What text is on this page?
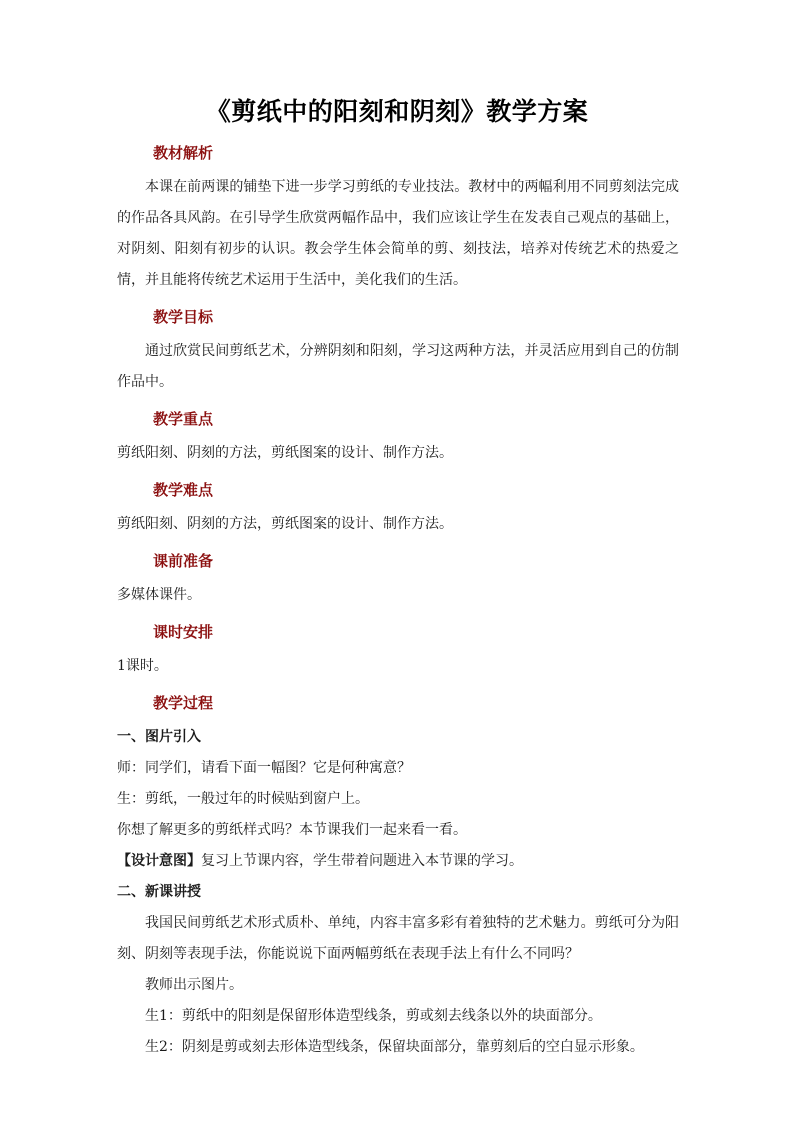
《剪纸中的阳刻和阴刻》教学方案
教材解析

本课在前两课的铺垫下进一步学习剪纸的专业技法。教材中的两幅利用不同剪刻法完成的作品各具风韵。在引导学生欣赏两幅作品中，我们应该让学生在发表自己观点的基础上，对阴刻、阳刻有初步的认识。教会学生体会简单的剪、刻技法，培养对传统艺术的热爱之情，并且能将传统艺术运用于生活中，美化我们的生活。

教学目标

通过欣赏民间剪纸艺术，分辨阴刻和阳刻，学习这两种方法，并灵活应用到自己的仿制作品中。

教学重点

剪纸阳刻、阴刻的方法，剪纸图案的设计、制作方法。

教学难点

剪纸阳刻、阴刻的方法，剪纸图案的设计、制作方法。

课前准备

多媒体课件。

课时安排

1课时。

教学过程

一、图片引入

师：同学们，请看下面一幅图？它是何种寓意？

生：剪纸，一般过年的时候贴到窗户上。

你想了解更多的剪纸样式吗？本节课我们一起来看一看。

【设计意图】复习上节课内容，学生带着问题进入本节课的学习。

二、新课讲授

我国民间剪纸艺术形式质朴、单纯，内容丰富多彩有着独特的艺术魅力。剪纸可分为阳刻、阴刻等表现手法，你能说说下面两幅剪纸在表现手法上有什么不同吗？

教师出示图片。

生1：剪纸中的阳刻是保留形体造型线条，剪或刻去线条以外的块面部分。

生2：阴刻是剪或刻去形体造型线条，保留块面部分，靠剪刻后的空白显示形象。
